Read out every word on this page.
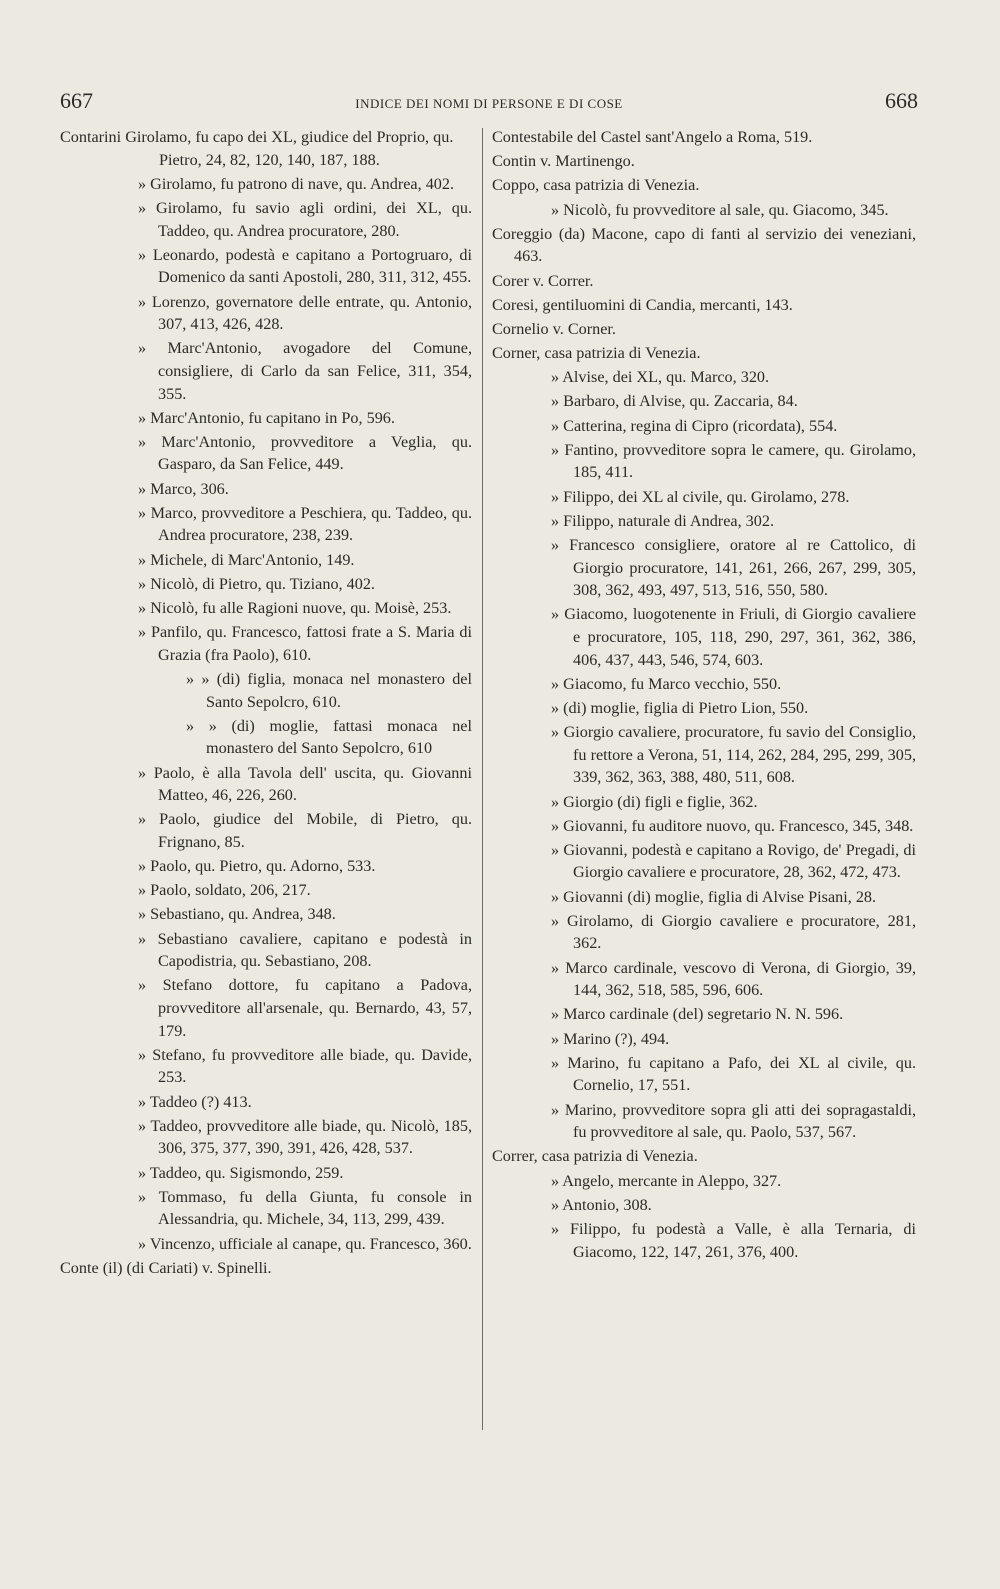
667	INDICE DEI NOMI DI PERSONE E DI COSE	668
Contarini Girolamo, fu capo dei XL, giudice del Proprio, qu. Pietro, 24, 82, 120, 140, 187, 188.
» Girolamo, fu patrono di nave, qu. Andrea, 402.
» Girolamo, fu savio agli ordini, dei XL, qu. Taddeo, qu. Andrea procuratore, 280.
» Leonardo, podestà e capitano a Portogruaro, di Domenico da santi Apostoli, 280, 311, 312, 455.
» Lorenzo, governatore delle entrate, qu. Antonio, 307, 413, 426, 428.
» Marc'Antonio, avogadore del Comune, consigliere, di Carlo da san Felice, 311, 354, 355.
» Marc'Antonio, fu capitano in Po, 596.
» Marc'Antonio, provveditore a Veglia, qu. Gasparo, da San Felice, 449.
» Marco, 306.
» Marco, provveditore a Peschiera, qu. Taddeo, qu. Andrea procuratore, 238, 239.
» Michele, di Marc'Antonio, 149.
» Nicolò, di Pietro, qu. Tiziano, 402.
» Nicolò, fu alle Ragioni nuove, qu. Moisè, 253.
» Panfilo, qu. Francesco, fattosi frate a S. Maria di Grazia (fra Paolo), 610.
» » (di) figlia, monaca nel monastero del Santo Sepolcro, 610.
» » (di) moglie, fattasi monaca nel monastero del Santo Sepolcro, 610
» Paolo, è alla Tavola dell' uscita, qu. Giovanni Matteo, 46, 226, 260.
» Paolo, giudice del Mobile, di Pietro, qu. Frignano, 85.
» Paolo, qu. Pietro, qu. Adorno, 533.
» Paolo, soldato, 206, 217.
» Sebastiano, qu. Andrea, 348.
» Sebastiano cavaliere, capitano e podestà in Capodistria, qu. Sebastiano, 208.
» Stefano dottore, fu capitano a Padova, provveditore all'arsenale, qu. Bernardo, 43, 57, 179.
» Stefano, fu provveditore alle biade, qu. Davide, 253.
» Taddeo (?) 413.
» Taddeo, provveditore alle biade, qu. Nicolò, 185, 306, 375, 377, 390, 391, 426, 428, 537.
» Taddeo, qu. Sigismondo, 259.
» Tommaso, fu della Giunta, fu console in Alessandria, qu. Michele, 34, 113, 299, 439.
» Vincenzo, ufficiale al canape, qu. Francesco, 360.
Conte (il) (di Cariati) v. Spinelli.
Contestabile del Castel sant'Angelo a Roma, 519.
Contin v. Martinengo.
Coppo, casa patrizia di Venezia.
» Nicolò, fu provveditore al sale, qu. Giacomo, 345.
Coreggio (da) Macone, capo di fanti al servizio dei veneziani, 463.
Corer v. Correr.
Coresi, gentiluomini di Candia, mercanti, 143.
Cornelio v. Corner.
Corner, casa patrizia di Venezia.
» Alvise, dei XL, qu. Marco, 320.
» Barbaro, di Alvise, qu. Zaccaria, 84.
» Catterina, regina di Cipro (ricordata), 554.
» Fantino, provveditore sopra le camere, qu. Girolamo, 185, 411.
» Filippo, dei XL al civile, qu. Girolamo, 278.
» Filippo, naturale di Andrea, 302.
» Francesco consigliere, oratore al re Cattolico, di Giorgio procuratore, 141, 261, 266, 267, 299, 305, 308, 362, 493, 497, 513, 516, 550, 580.
» Giacomo, luogotenente in Friuli, di Giorgio cavaliere e procuratore, 105, 118, 290, 297, 361, 362, 386, 406, 437, 443, 546, 574, 603.
» Giacomo, fu Marco vecchio, 550.
» (di) moglie, figlia di Pietro Lion, 550.
» Giorgio cavaliere, procuratore, fu savio del Consiglio, fu rettore a Verona, 51, 114, 262, 284, 295, 299, 305, 339, 362, 363, 388, 480, 511, 608.
» Giorgio (di) figli e figlie, 362.
» Giovanni, fu auditore nuovo, qu. Francesco, 345, 348.
» Giovanni, podestà e capitano a Rovigo, de' Pregadi, di Giorgio cavaliere e procuratore, 28, 362, 472, 473.
» Giovanni (di) moglie, figlia di Alvise Pisani, 28.
» Girolamo, di Giorgio cavaliere e procuratore, 281, 362.
» Marco cardinale, vescovo di Verona, di Giorgio, 39, 144, 362, 518, 585, 596, 606.
» Marco cardinale (del) segretario N. N. 596.
» Marino (?), 494.
» Marino, fu capitano a Pafo, dei XL al civile, qu. Cornelio, 17, 551.
» Marino, provveditore sopra gli atti dei sopragastaldi, fu provveditore al sale, qu. Paolo, 537, 567.
Correr, casa patrizia di Venezia.
» Angelo, mercante in Aleppo, 327.
» Antonio, 308.
» Filippo, fu podestà a Valle, è alla Ternaria, di Giacomo, 122, 147, 261, 376, 400.
